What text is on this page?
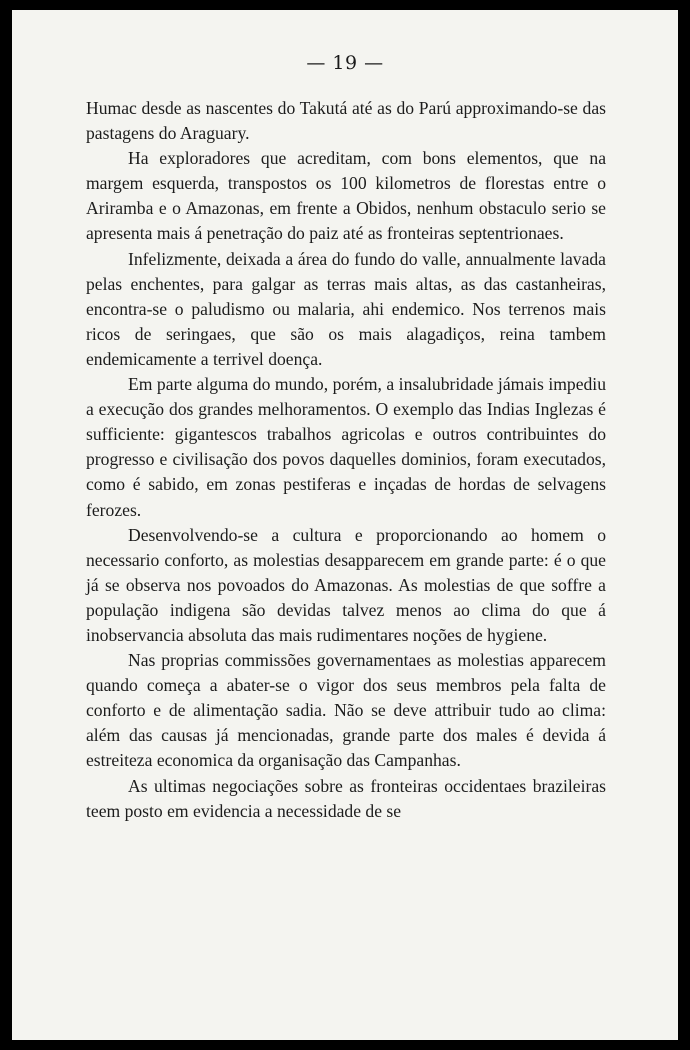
— 19 —

Humac desde as nascentes do Takutá até as do Parú approximando-se das pastagens do Araguary.

Ha exploradores que acreditam, com bons elementos, que na margem esquerda, transpostos os 100 kilometros de florestas entre o Ariramba e o Amazonas, em frente a Obidos, nenhum obstaculo serio se apresenta mais á penetração do paiz até as fronteiras septentrionaes.

Infelizmente, deixada a área do fundo do valle, annualmente lavada pelas enchentes, para galgar as terras mais altas, as das castanheiras, encontra-se o paludismo ou malaria, ahi endemico. Nos terrenos mais ricos de seringaes, que são os mais alagadiços, reina tambem endemicamente a terrivel doença.

Em parte alguma do mundo, porém, a insalubridade jámais impediu a execução dos grandes melhoramentos. O exemplo das Indias Inglezas é sufficiente: gigantescos trabalhos agricolas e outros contribuintes do progresso e civilisação dos povos daquelles dominios, foram executados, como é sabido, em zonas pestiferas e inçadas de hordas de selvagens ferozes.

Desenvolvendo-se a cultura e proporcionando ao homem o necessario conforto, as molestias desapparecem em grande parte: é o que já se observa nos povoados do Amazonas. As molestias de que soffre a população indigena são devidas talvez menos ao clima do que á inobservancia absoluta das mais rudimentares noções de hygiene.

Nas proprias commissões governamentaes as molestias apparecem quando começa a abater-se o vigor dos seus membros pela falta de conforto e de alimentação sadia. Não se deve attribuir tudo ao clima: além das causas já mencionadas, grande parte dos males é devida á estreiteza economica da organisação das Campanhas.

As ultimas negociações sobre as fronteiras occidentaes brazileiras teem posto em evidencia a necessidade de se
